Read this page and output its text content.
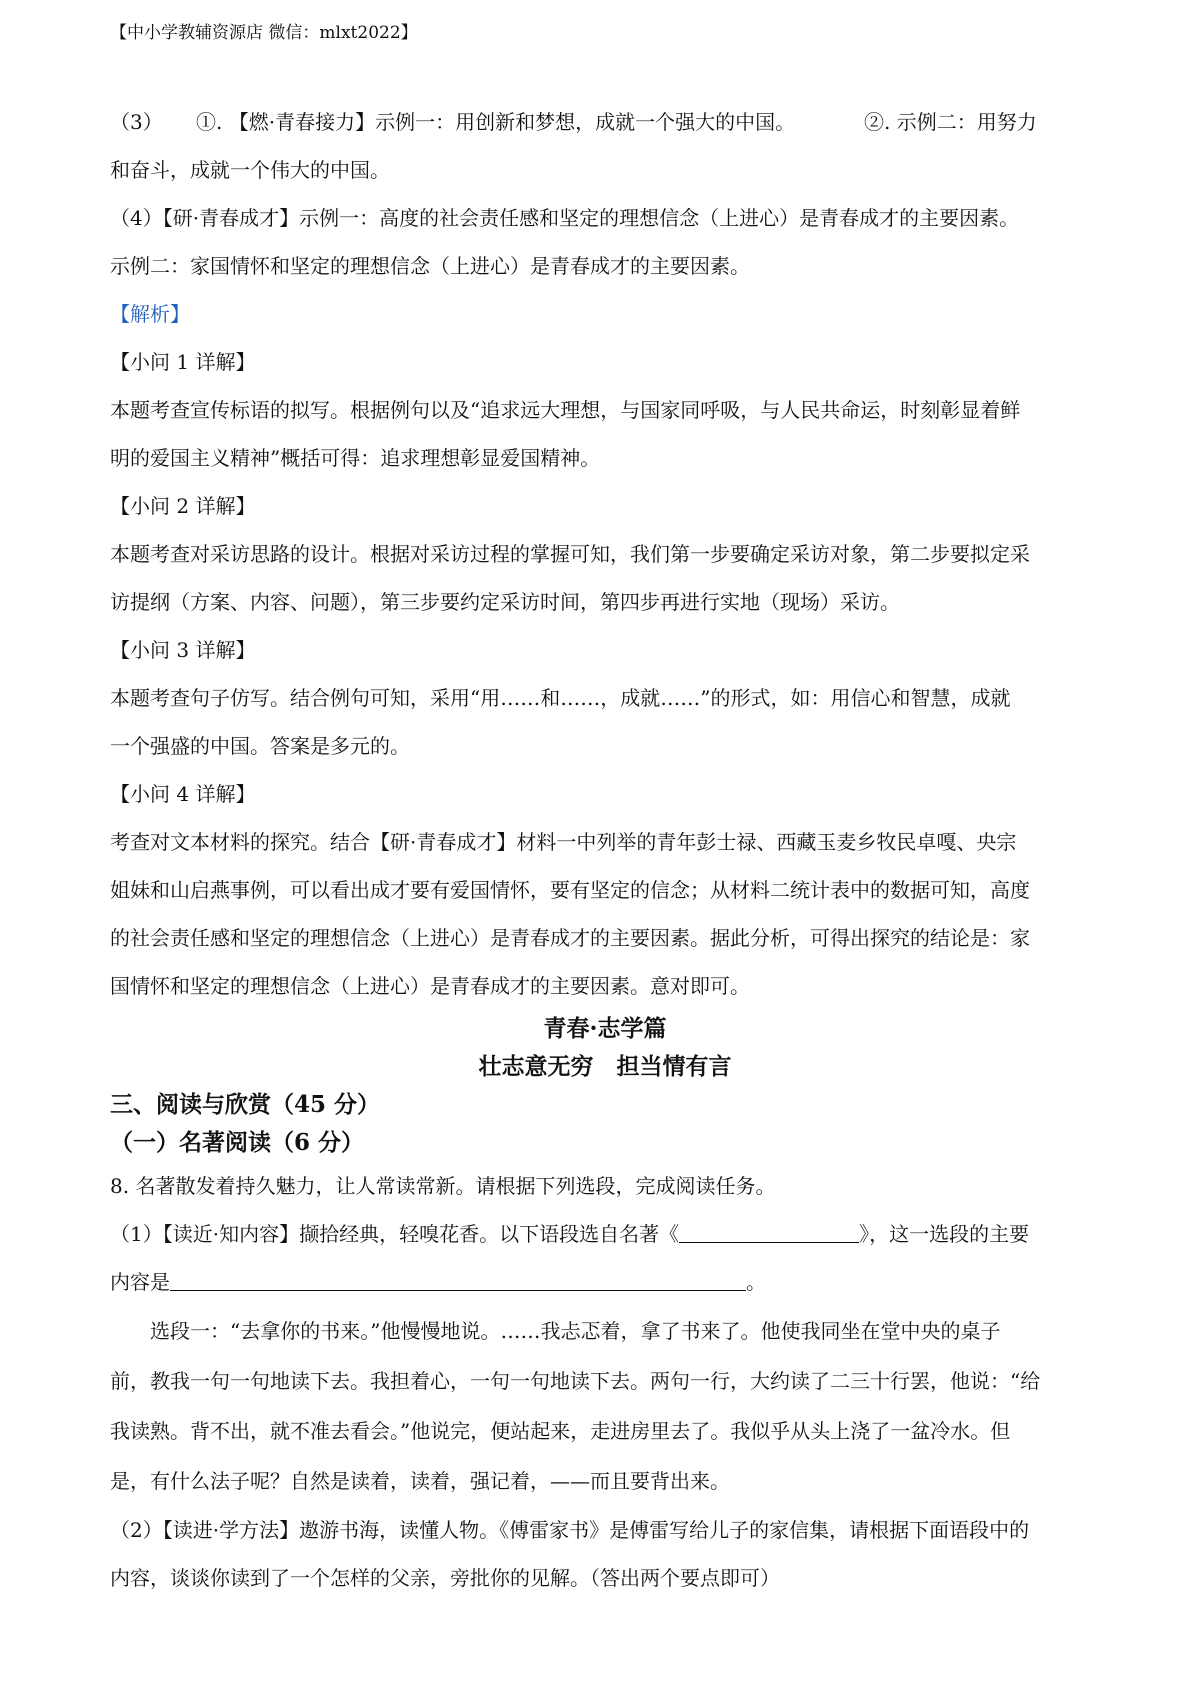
【中小学教辅资源店 微信：mlxt2022】
（3）	①. 【燃·青春接力】示例一：用创新和梦想，成就一个强大的中国。	②. 示例二：用努力

和奋斗，成就一个伟大的中国。

（4）【研·青春成才】示例一：高度的社会责任感和坚定的理想信念（上进心）是青春成才的主要因素。

示例二：家国情怀和坚定的理想信念（上进心）是青春成才的主要因素。

【解析】

【小问 1 详解】

本题考查宣传标语的拟写。根据例句以及“追求远大理想，与国家同呼吸，与人民共命运，时刻彰显着鲜

明的爱国主义精神”概括可得：追求理想彰显爱国精神。

【小问 2 详解】

本题考查对采访思路的设计。根据对采访过程的掌握可知，我们第一步要确定采访对象，第二步要拟定采

访提纲（方案、内容、问题），第三步要约定采访时间，第四步再进行实地（现场）采访。

【小问 3 详解】

本题考查句子仿写。结合例句可知，采用“用……和……，成就……”的形式，如：用信心和智慧，成就

一个强盛的中国。答案是多元的。

【小问 4 详解】

考查对文本材料的探究。结合【研·青春成才】材料一中列举的青年彭士禄、西藏玉麦乡牧民卓嘎、央宗

姐妹和山启燕事例，可以看出成才要有爱国情怀，要有坚定的信念；从材料二统计表中的数据可知，高度

的社会责任感和坚定的理想信念（上进心）是青春成才的主要因素。据此分析，可得出探究的结论是：家

国情怀和坚定的理想信念（上进心）是青春成才的主要因素。意对即可。

青春·志学篇

壮志意无穷　担当情有言

三、阅读与欣赏（45 分）

（一）名著阅读（6 分）

8. 名著散发着持久魅力，让人常读常新。请根据下列选段，完成阅读任务。

（1）【读近·知内容】撷拾经典，轻嗅花香。以下语段选自名著《	》，这一选段的主要

内容是	。

选段一：“去拿你的书来。”他慢慢地说。……我忐忑着，拿了书来了。他使我同坐在堂中央的桌子

前，教我一句一句地读下去。我担着心，一句一句地读下去。两句一行，大约读了二三十行罢，他说：“给

我读熟。背不出，就不准去看会。”他说完，便站起来，走进房里去了。我似乎从头上浇了一盆冷水。但

是，有什么法子呢？自然是读着，读着，强记着，——而且要背出来。

（2）【读进·学方法】遨游书海，读懂人物。《傅雷家书》是傅雷写给儿子的家信集，请根据下面语段中的

内容，谈谈你读到了一个怎样的父亲，旁批你的见解。（答出两个要点即可）
